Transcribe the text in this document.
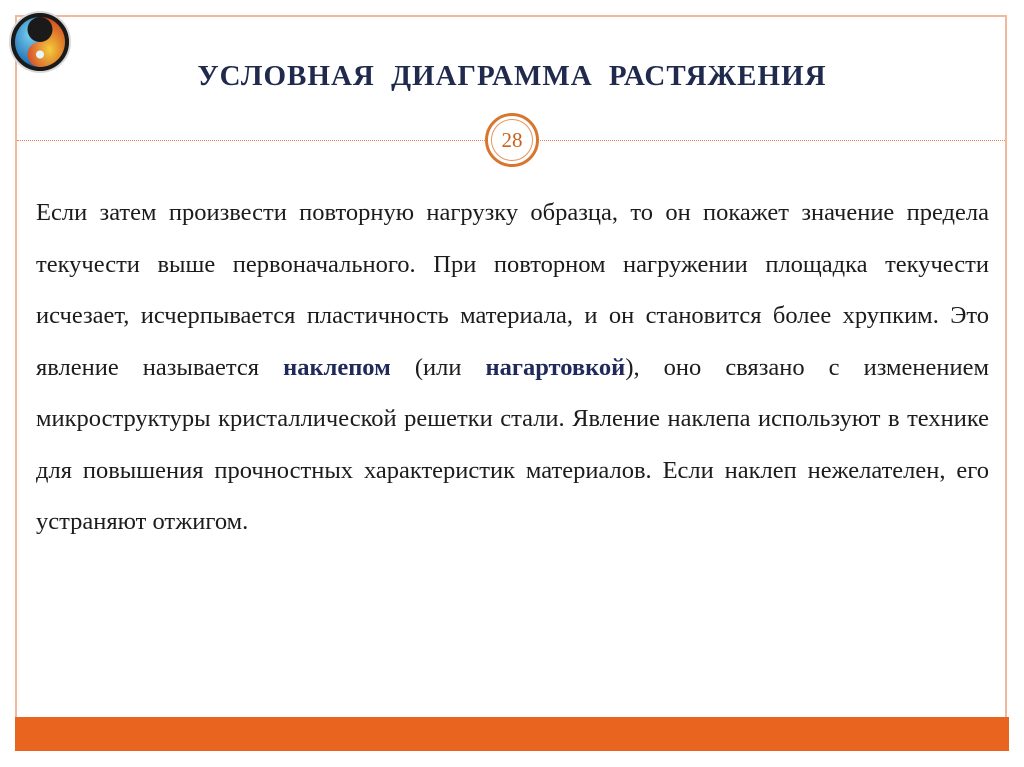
УСЛОВНАЯ ДИАГРАММА РАСТЯЖЕНИЯ
28
Если затем произвести повторную нагрузку образца, то он покажет значение предела текучести выше первоначального. При повторном нагружении площадка текучести исчезает, исчерпывается пластичность материала, и он становится более хрупким. Это явление называется наклепом (или нагартовкой), оно связано с изменением микроструктуры кристаллической решетки стали. Явление наклепа используют в технике для повышения прочностных характеристик материалов. Если наклеп нежелателен, его устраняют отжигом.
